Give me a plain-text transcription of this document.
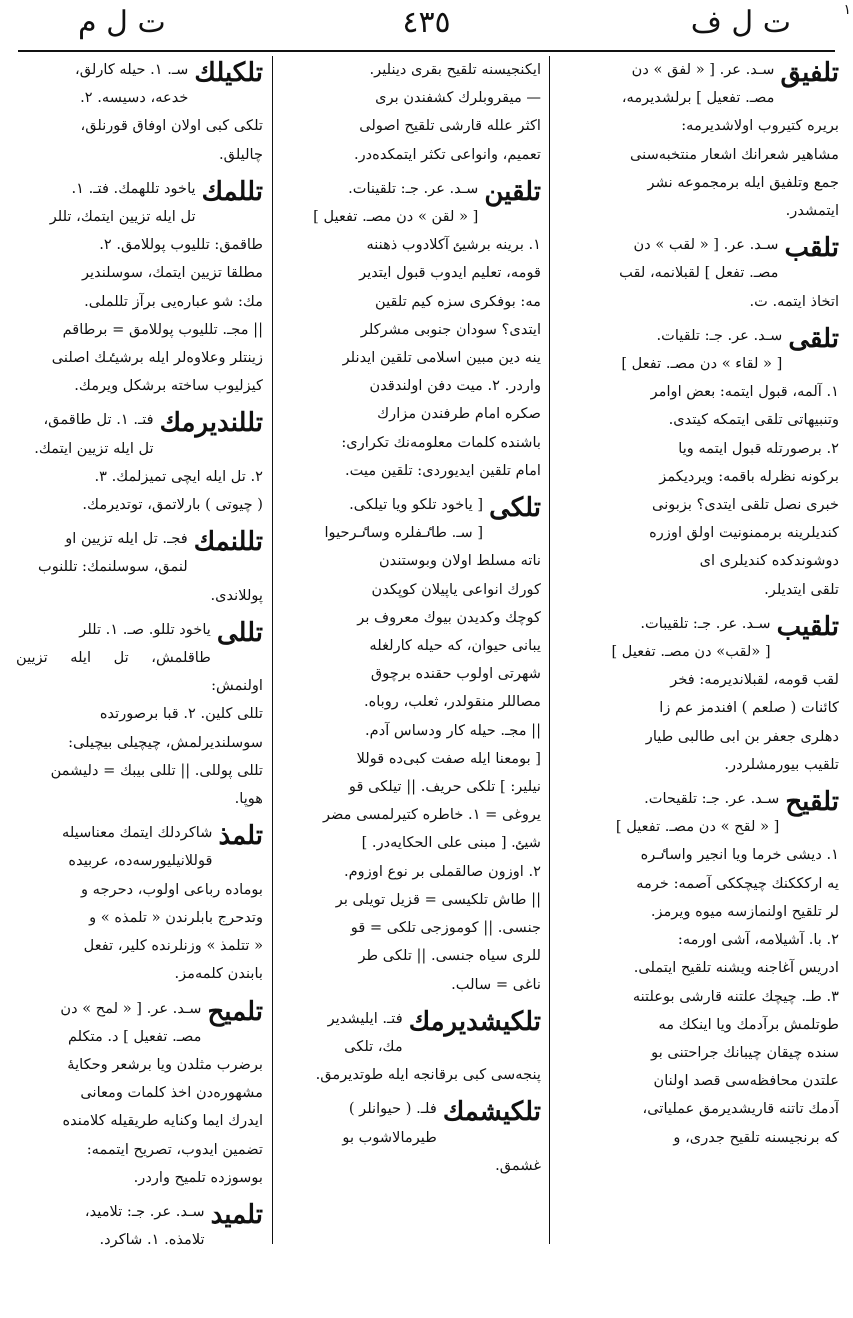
١
ت ل ف
٤٣٥
ت ل م
تلفیق
سـد. عر. [ « لفق » دن
مصـ. تفعیل ] برلشدیرمه،
بریره كتیروب اولاشدیرمه:
مشاهیر شعرانك اشعار منتخبه‌سنی
جمع وتلفیق ایله برمجموعه نشر
ایتمشدر.
تلقب
سـد. عر. [ « لقب » دن
مصـ. تفعل ] لقبلانمه، لقب
اتخاذ ایتمه. ت.
تلقی
سـد. عر. جـ: تلقیات.
[ « لقاء » دن مصـ. تفعل ]
١. آلمه، قبول ایتمه: بعض اوامر
وتنبیهاتی تلقی ایتمكه كیتدی.
٢. برصورتله قبول ایتمه ویا
بركونه نظرله باقمه: ویردیكمز
خبری نصل تلقی ایتدی؟ بزبونی
كندیلرینه برممنونیت اولق اوزره
دوشوندكده كندیلری ای
تلقی ایتدیلر.
تلقیب
سـد. عر. جـ: تلقیبات.
[ «لقب» دن مصـ. تفعیل ]
لقب قومه، لقبلاندیرمه: فخر
كائنات ( صلعم ) افندمز عم زا
دهلری جعفر بن ابی طالبی طیار
تلقیب بیورمشلردر.
تلقیح
سـد. عر. جـ: تلقیحات.
[ « لقح » دن مصـ. تفعیل ]
١. دیشی خرما ویا انجیر واساٸره
یه اركككنك چیچككی آصمه: خرمه
لر تلقیح اولنمازسه میوه ویرمز.
٢. با. آشیلامه، آشی اورمه:
ادریس آغاجنه ویشنه تلقیح ایتملی.
٣. طـ. چیچك علتنه قارشی بوعلتنه
طوتلمش برآدمك ویا اینكك مه‌
سنده چیقان چیبانك جراحتنی بو
علتدن محافظه‌سی قصد اولنان
آدمك تاتنه قاریشدیرمق عملیاتی،
كه برنجیسنه تلقیح جدری، و
ایكنجیسنه تلقیح بقری دینلیر.
— میقروبلرك كشفندن بری
اكثر علله قارشی تلقیح اصولی
تعمیم، وانواعی تكثر ایتمكده‌در.
تلقین
سـد. عر. جـ: تلقینات.
[ « لقن » دن مصـ. تفعیل ]
١. برینه برشیٸ آكلادوب ذهننه
قومه، تعلیم ایدوب قبول ایتدیر
مه: بوفكری سزه كیم تلقین
ایتدی؟ سودان جنوبی مشركلر
ینه دین مبین اسلامی تلقین ایدنلر
واردر. ٢. میت دفن اولندقدن
صكره امام طرفندن مزارك
باشنده كلمات معلومه‌نك تكراری:
امام تلقین ایدیوردی: تلقین میت.
تلكی
[ یاخود تلكو ویا تیلكی.
[ سـ. طاٸفلره وساٸرحیوا
ناته مسلط اولان وبوستندن
كورك انواعی یاپیلان كوپكدن
كوچك وكدیدن بیوك معروف بر
یبانی حیوان، كه حیله كارلغله
شهرتی اولوب حقنده برچوق
مصاللر منقولدر، ثعلب، روباه.
|| مجـ. حیله كار ودساس آدم.
[ بومعنا ایله صفت كبی‌ده قوللا
نیلیر: ] تلكی حریف. || تیلكی قو
یروغی = ١. خاطره كتیرلمسی مضر
شیٸ. [ مبنی علی الحكایه‌در. ]
٢. اوزون صالقملی بر نوع اوزوم.
|| طاش تلكیسی = قزیل تویلی بر
جنسی. || كوموزجی تلكی = قو
للری سیاه جنسی. || تلكی طر
ناغی = سالب.
تلكیشدیرمك
فتـ. ایلیشدیر
مك، تلكی
پنجه‌سی كبی برقانجه ایله طوتدیرمق.
تلكیشمك
فلـ. ( حیوانلر )
طیرمالاشوب بو
غشمق.
تلكیلك
سـ. ١. حیله كارلق،
خدعه، دسیسه. ٢.
تلكی كبی اولان اوفاق قورنلق،
چالیلق.
تللمك
یاخود تللهمك. فتـ. ١.
تل ایله تزیین ایتمك، تللر
طاقمق: تللیوب پوللامق. ٢.
مطلقا تزیین ایتمك، سوسلندیر
مك: شو عباره‌یی برآز تللملی.
|| مجـ. تللیوب پوللامق = برطاقم
زینتلر وعلاوه‌لر ایله برشیٸك اصلنی
كیزلیوب ساخته برشكل ویرمك.
تللندیرمك
فتـ. ١. تل طاقمق،
تل ایله تزیین ایتمك.
٢. تل ایله ایچی تمیزلمك. ٣.
( چیوتی ) بارلاتمق، توتدیرمك.
تللنمك
فجـ. تل ایله تزیین او
لنمق، سوسلنمك: تللنوب
پوللاندی.
تللی
یاخود تللو. صـ. ١. تللر
طاقلمش، تل ایله تزیین اولنمش:
تللی كلین. ٢. قبا برصورتده
سوسلندیرلمش، چیچیلی بیچیلی:
تللی پوللی. || تللی بیبك = دلیشمن
هوپا.
تلمذ
شاكردلك ایتمك معناسیله
قوللانیلیورسه‌ده، عربیده
بوماده رباعی اولوب، دحرجه و
وتدحرج بابلرندن « تلمذه » و
« تتلمذ » وزنلرنده كلیر، تفعل
بابندن كلمه‌مز.
تلمیح
سـد. عر. [ « لمح » دن
مصـ. تفعیل ] د. متكلم
برضرب مثلدن ویا برشعر وحكایۀ
مشهوره‌دن اخذ كلمات ومعانی
ایدرك ایما وكنایه طریقیله كلامنده
تضمین ایدوب، تصریح ایتممه:
بوسوزده تلمیح واردر.
تلمید
سـد. عر. جـ: تلامید،
تلامذه. ١. شاكرد.
